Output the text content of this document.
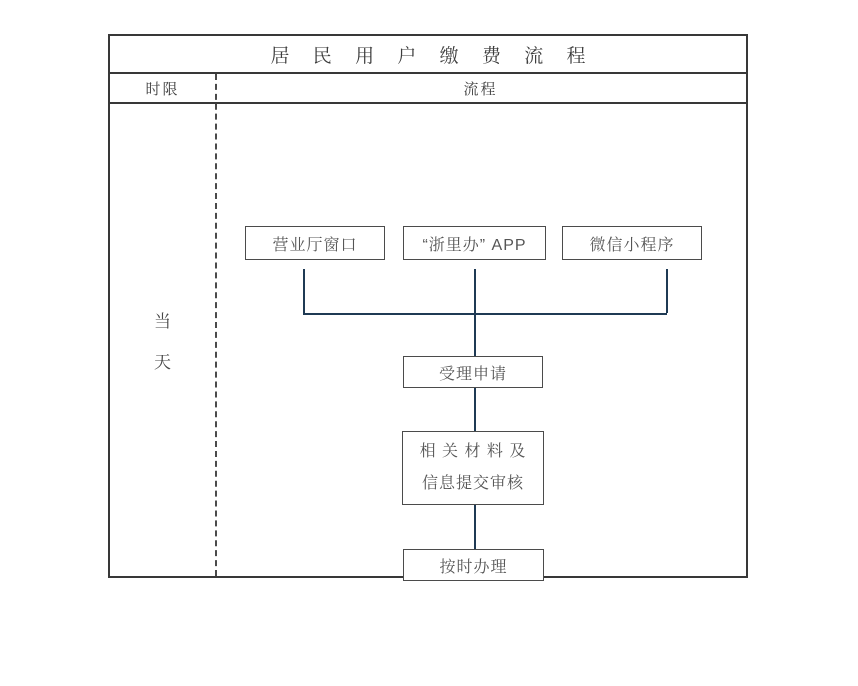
居 民 用 户 缴 费 流 程
时限	流程
当
天
营业厅窗口	“浙里办” APP	微信小程序
受理申请
相 关 材 料 及
信息提交审核
按时办理
